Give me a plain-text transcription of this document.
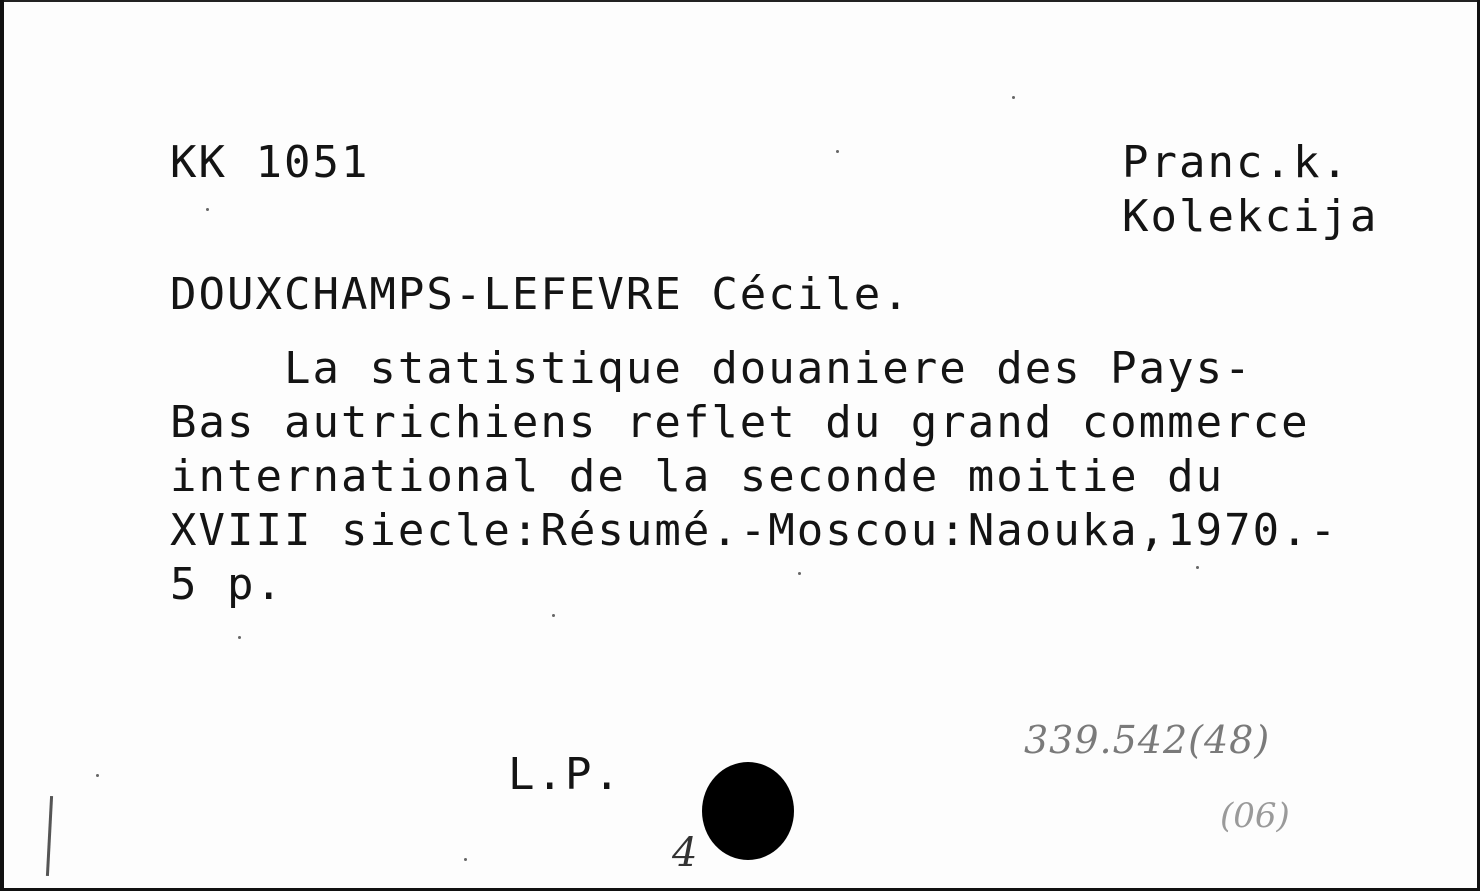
KK 1051	Pranc.k.
Kolekcija
DOUXCHAMPS-LEFEVRE Cécile.
La statistique douaniere des Pays-
Bas autrichiens reflet du grand commerce
international de la seconde moitie du
XVIII siecle:Résumé.-Moscou:Naouka,1970.-
5 p.
L.P.
4
339.542(48)
(06)
